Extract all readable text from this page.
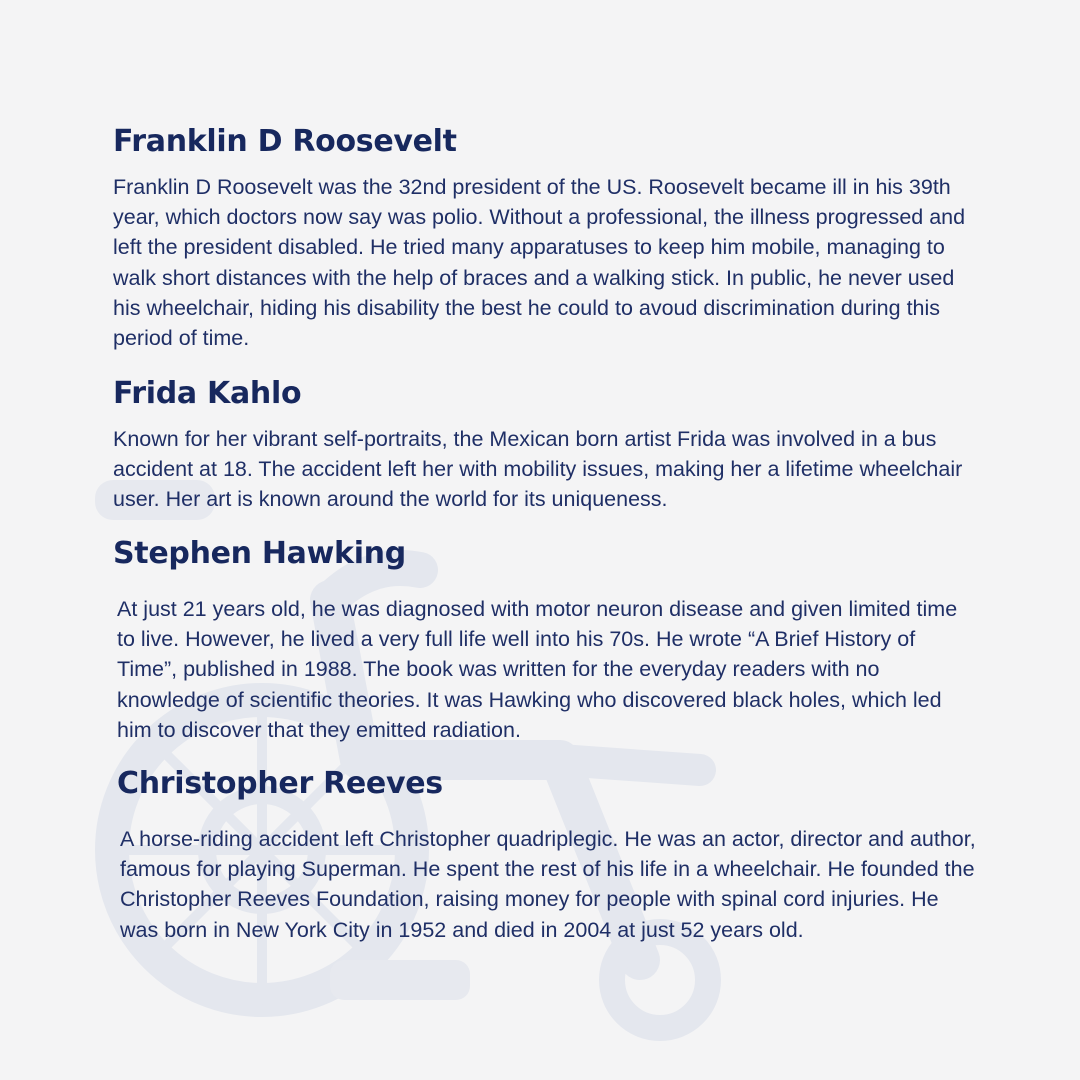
Franklin D Roosevelt

Franklin D Roosevelt was the 32nd president of the US. Roosevelt became ill in his 39th year, which doctors now say was polio. Without a professional, the illness progressed and left the president disabled. He tried many apparatuses to keep him mobile, managing to walk short distances with the help of braces and a walking stick. In public, he never used his wheelchair, hiding his disability the best he could to avoud discrimination during this period of time.

Frida Kahlo

Known for her vibrant self-portraits, the Mexican born artist Frida was involved in a bus accident at 18. The accident left her with mobility issues, making her a lifetime wheelchair user. Her art is known around the world for its uniqueness.

Stephen Hawking

At just 21 years old, he was diagnosed with motor neuron disease and given limited time to live. However, he lived a very full life well into his 70s. He wrote “A Brief History of Time”, published in 1988. The book was written for the everyday readers with no knowledge of scientific theories. It was Hawking who discovered black holes, which led him to discover that they emitted radiation.

Christopher Reeves

A horse-riding accident left Christopher quadriplegic. He was an actor, director and author, famous for playing Superman. He spent the rest of his life in a wheelchair. He founded the Christopher Reeves Foundation, raising money for people with spinal cord injuries. He was born in New York City in 1952 and died in 2004 at just 52 years old.
